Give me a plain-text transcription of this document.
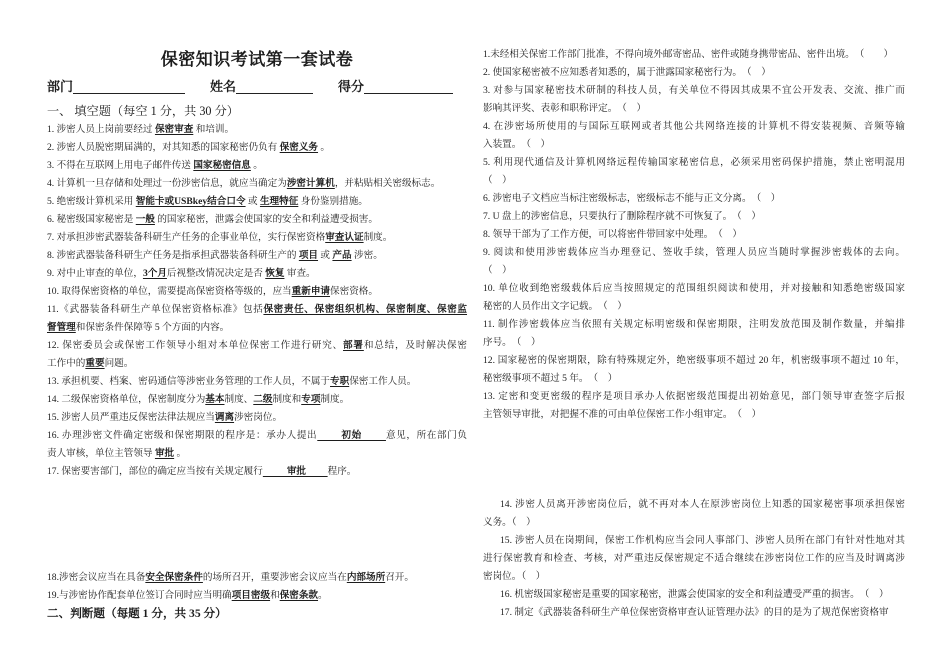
保密知识考试第一套试卷
部门	姓名	得分
一、 填空题（每空 1 分，共 30 分）
1. 涉密人员上岗前要经过 保密审查 和培训。
2. 涉密人员脱密期届满的，对其知悉的国家秘密仍负有 保密义务 。
3. 不得在互联网上用电子邮件传送 国家秘密信息 。
4. 计算机一旦存储和处理过一份涉密信息，就应当确定为涉密计算机，并粘贴相关密级标志。
5. 绝密级计算机采用 智能卡或USBkey结合口令 或 生理特征 身份鉴别措施。
6. 秘密级国家秘密是 一般 的国家秘密，泄露会使国家的安全和利益遭受损害。
7. 对承担涉密武器装备科研生产任务的企事业单位，实行保密资格审查认证制度。
8. 涉密武器装备科研生产任务是指承担武器装备科研生产的 项目 或 产品 涉密。
9. 对中止审查的单位，3个月后视整改情况决定是否 恢复 审查。
10. 取得保密资格的单位，需要提高保密资格等级的，应当重新申请保密资格。
11.《武器装备科研生产单位保密资格标准》包括保密责任、保密组织机构、保密制度、保密监
督管理和保密条件保障等 5 个方面的内容。
12. 保密委员会或保密工作领导小组对本单位保密工作进行研究、部署和总结，及时解决保密
工作中的重要问题。
13. 承担机要、档案、密码通信等涉密业务管理的工作人员，不属于专职保密工作人员。
14. 二级保密资格单位，保密制度分为基本制度、二级制度和专项制度。
15. 涉密人员严重违反保密法律法规应当调离涉密岗位。
16. 办理涉密文件确定密级和保密期限的程序是：承办人提出        初始        意见，所在部门负
责人审核，单位主管领导 审批 。
17. 保密要害部门，部位的确定应当按有关规定履行          审批         程序。
18.涉密会议应当在具备安全保密条件的场所召开，重要涉密会议应当在内部场所召开。
19.与涉密协作配套单位签订合同时应当明确项目密级和保密条款。
二、判断题（每题 1 分，共 35 分）
1.未经相关保密工作部门批准，不得向境外邮寄密品、密件或随身携带密品、密件出境。　（　　）
2. 使国家秘密被不应知悉者知悉的，属于泄露国家秘密行为。　（　）
3. 对参与国家秘密技术研制的科技人员，有关单位不得因其成果不宜公开发表、交流、推广而
影响其评奖、表彰和职称评定。　（　）
4. 在涉密场所使用的与国际互联网或者其他公共网络连接的计算机不得安装视频、音频等输
入装置。　（　）
5. 利用现代通信及计算机网络远程传输国家秘密信息，必须采用密码保护措施，禁止密明混用
（　）
6. 涉密电子文档应当标注密级标志，密级标志不能与正文分离。　（　）
7. U 盘上的涉密信息，只要执行了删除程序就不可恢复了。　（　）
8. 领导干部为了工作方便，可以将密件带回家中处理。　（　）
9. 阅读和使用涉密载体应当办理登记、签收手续，管理人员应当随时掌握涉密载体的去向。
（　）
10. 单位收到绝密级载体后应当按照规定的范围组织阅读和使用，并对接触和知悉绝密级国家
秘密的人员作出文字记载。　（　）
11. 制作涉密载体应当依照有关规定标明密级和保密期限，注明发放范围及制作数量，并编排
序号。　（　）
12. 国家秘密的保密期限，除有特殊规定外，绝密级事项不超过 20 年，机密级事项不超过 10 年，
秘密级事项不超过 5 年。　（　）
13. 定密和变更密级的程序是项目承办人依据密级范围提出初始意见，部门领导审查签字后报
主管领导审批，对把握不准的可由单位保密工作小组审定。　（　）
14. 涉密人员离开涉密岗位后，就不再对本人在原涉密岗位上知悉的国家秘密事项承担保密
义务。（　）
15. 涉密人员在岗期间，保密工作机构应当会同人事部门、涉密人员所在部门有针对性地对其
进行保密教育和检查、考核，对严重违反保密规定不适合继续在涉密岗位工作的应当及时调离涉
密岗位。（　）
16. 机密级国家秘密是重要的国家秘密，泄露会使国家的安全和利益遭受严重的损害。　（　）
17. 制定《武器装备科研生产单位保密资格审查认证管理办法》的目的是为了规范保密资格审
